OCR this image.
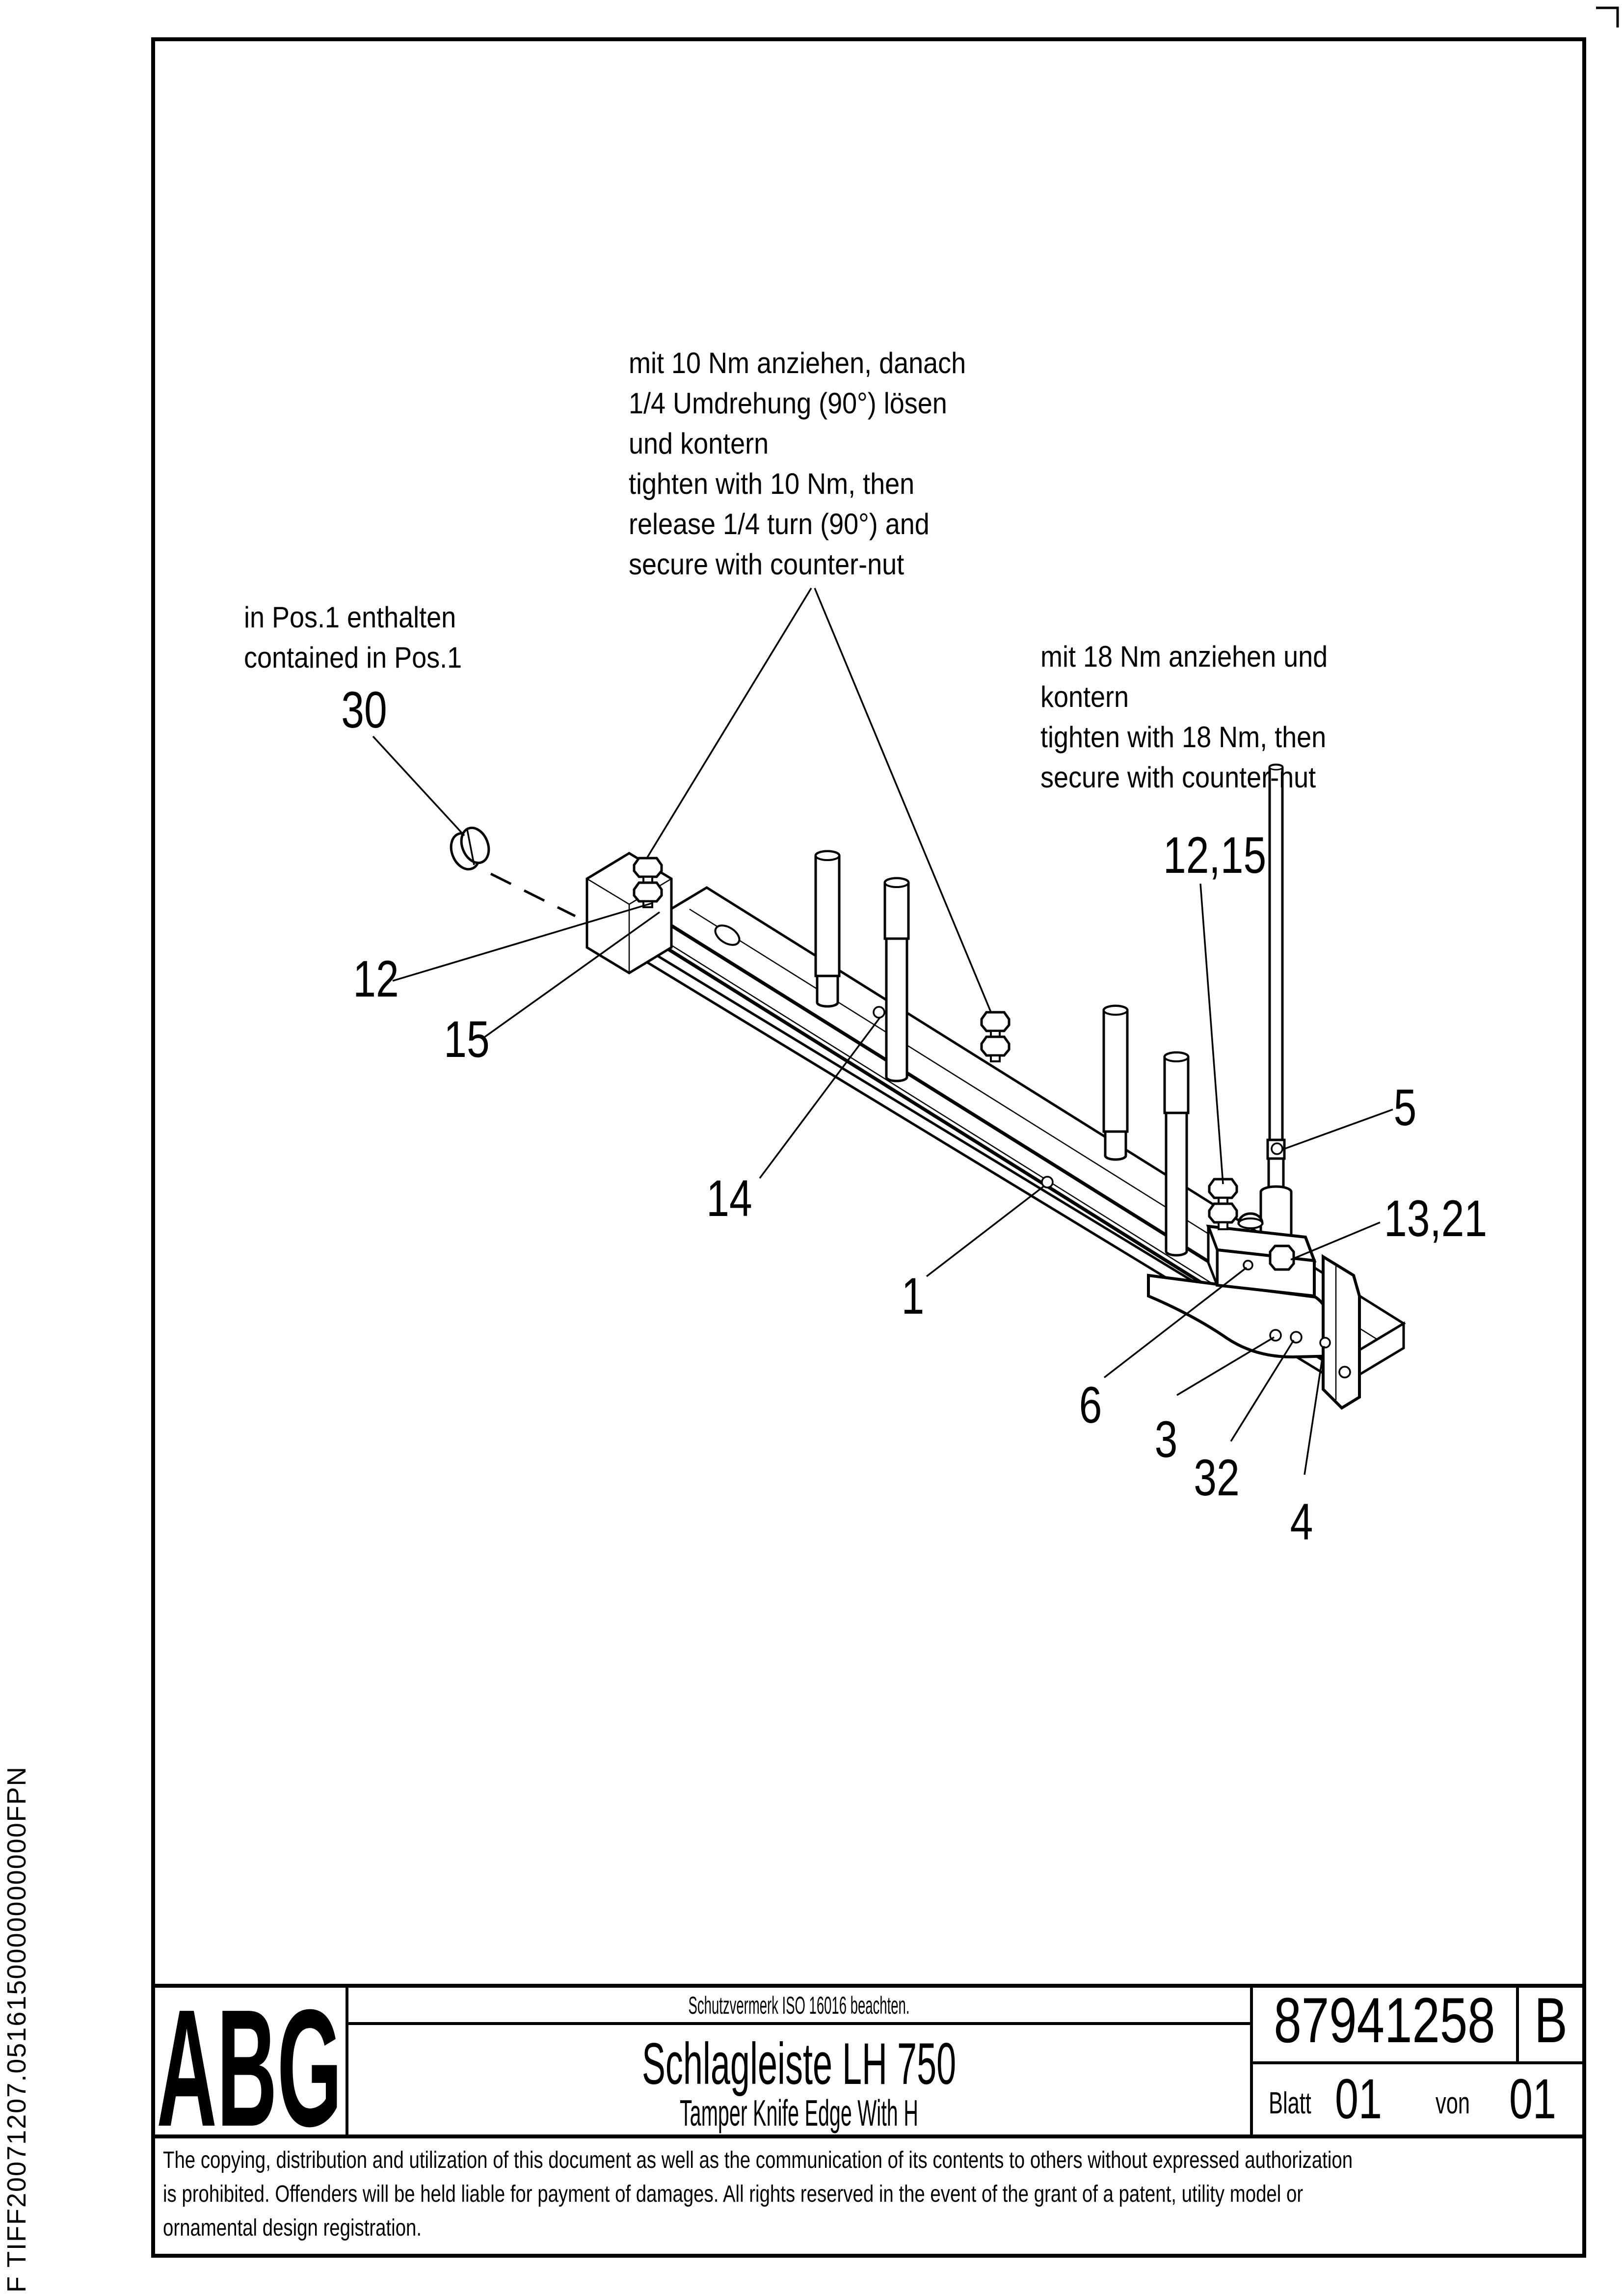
30
12
15
14
1
6
3
32
4
5
13,21
12,15
mit 10 Nm anziehen, danach
1/4 Umdrehung (90°) lösen
und kontern
tighten with 10 Nm, then
release 1/4 turn (90°) and
secure with counter-nut
in Pos.1 enthalten
contained in Pos.1	mit 18 Nm anziehen und
kontern
tighten with 18 Nm, then
secure with counter-nut
ABG	Schutzvermerk ISO 16016 beachten.
Schlagleiste LH 750
Tamper Knife Edge With H
87941258 B
Blatt 01 von 01
The copying, distribution and utilization of this document as well as the communication of its contents to others without expressed authorization
is prohibited. Offenders will be held liable for payment of damages. All rights reserved in the event of the grant of a patent, utility model or
ornamental design registration.
F TIFF20071207.0516150000000000FPN
